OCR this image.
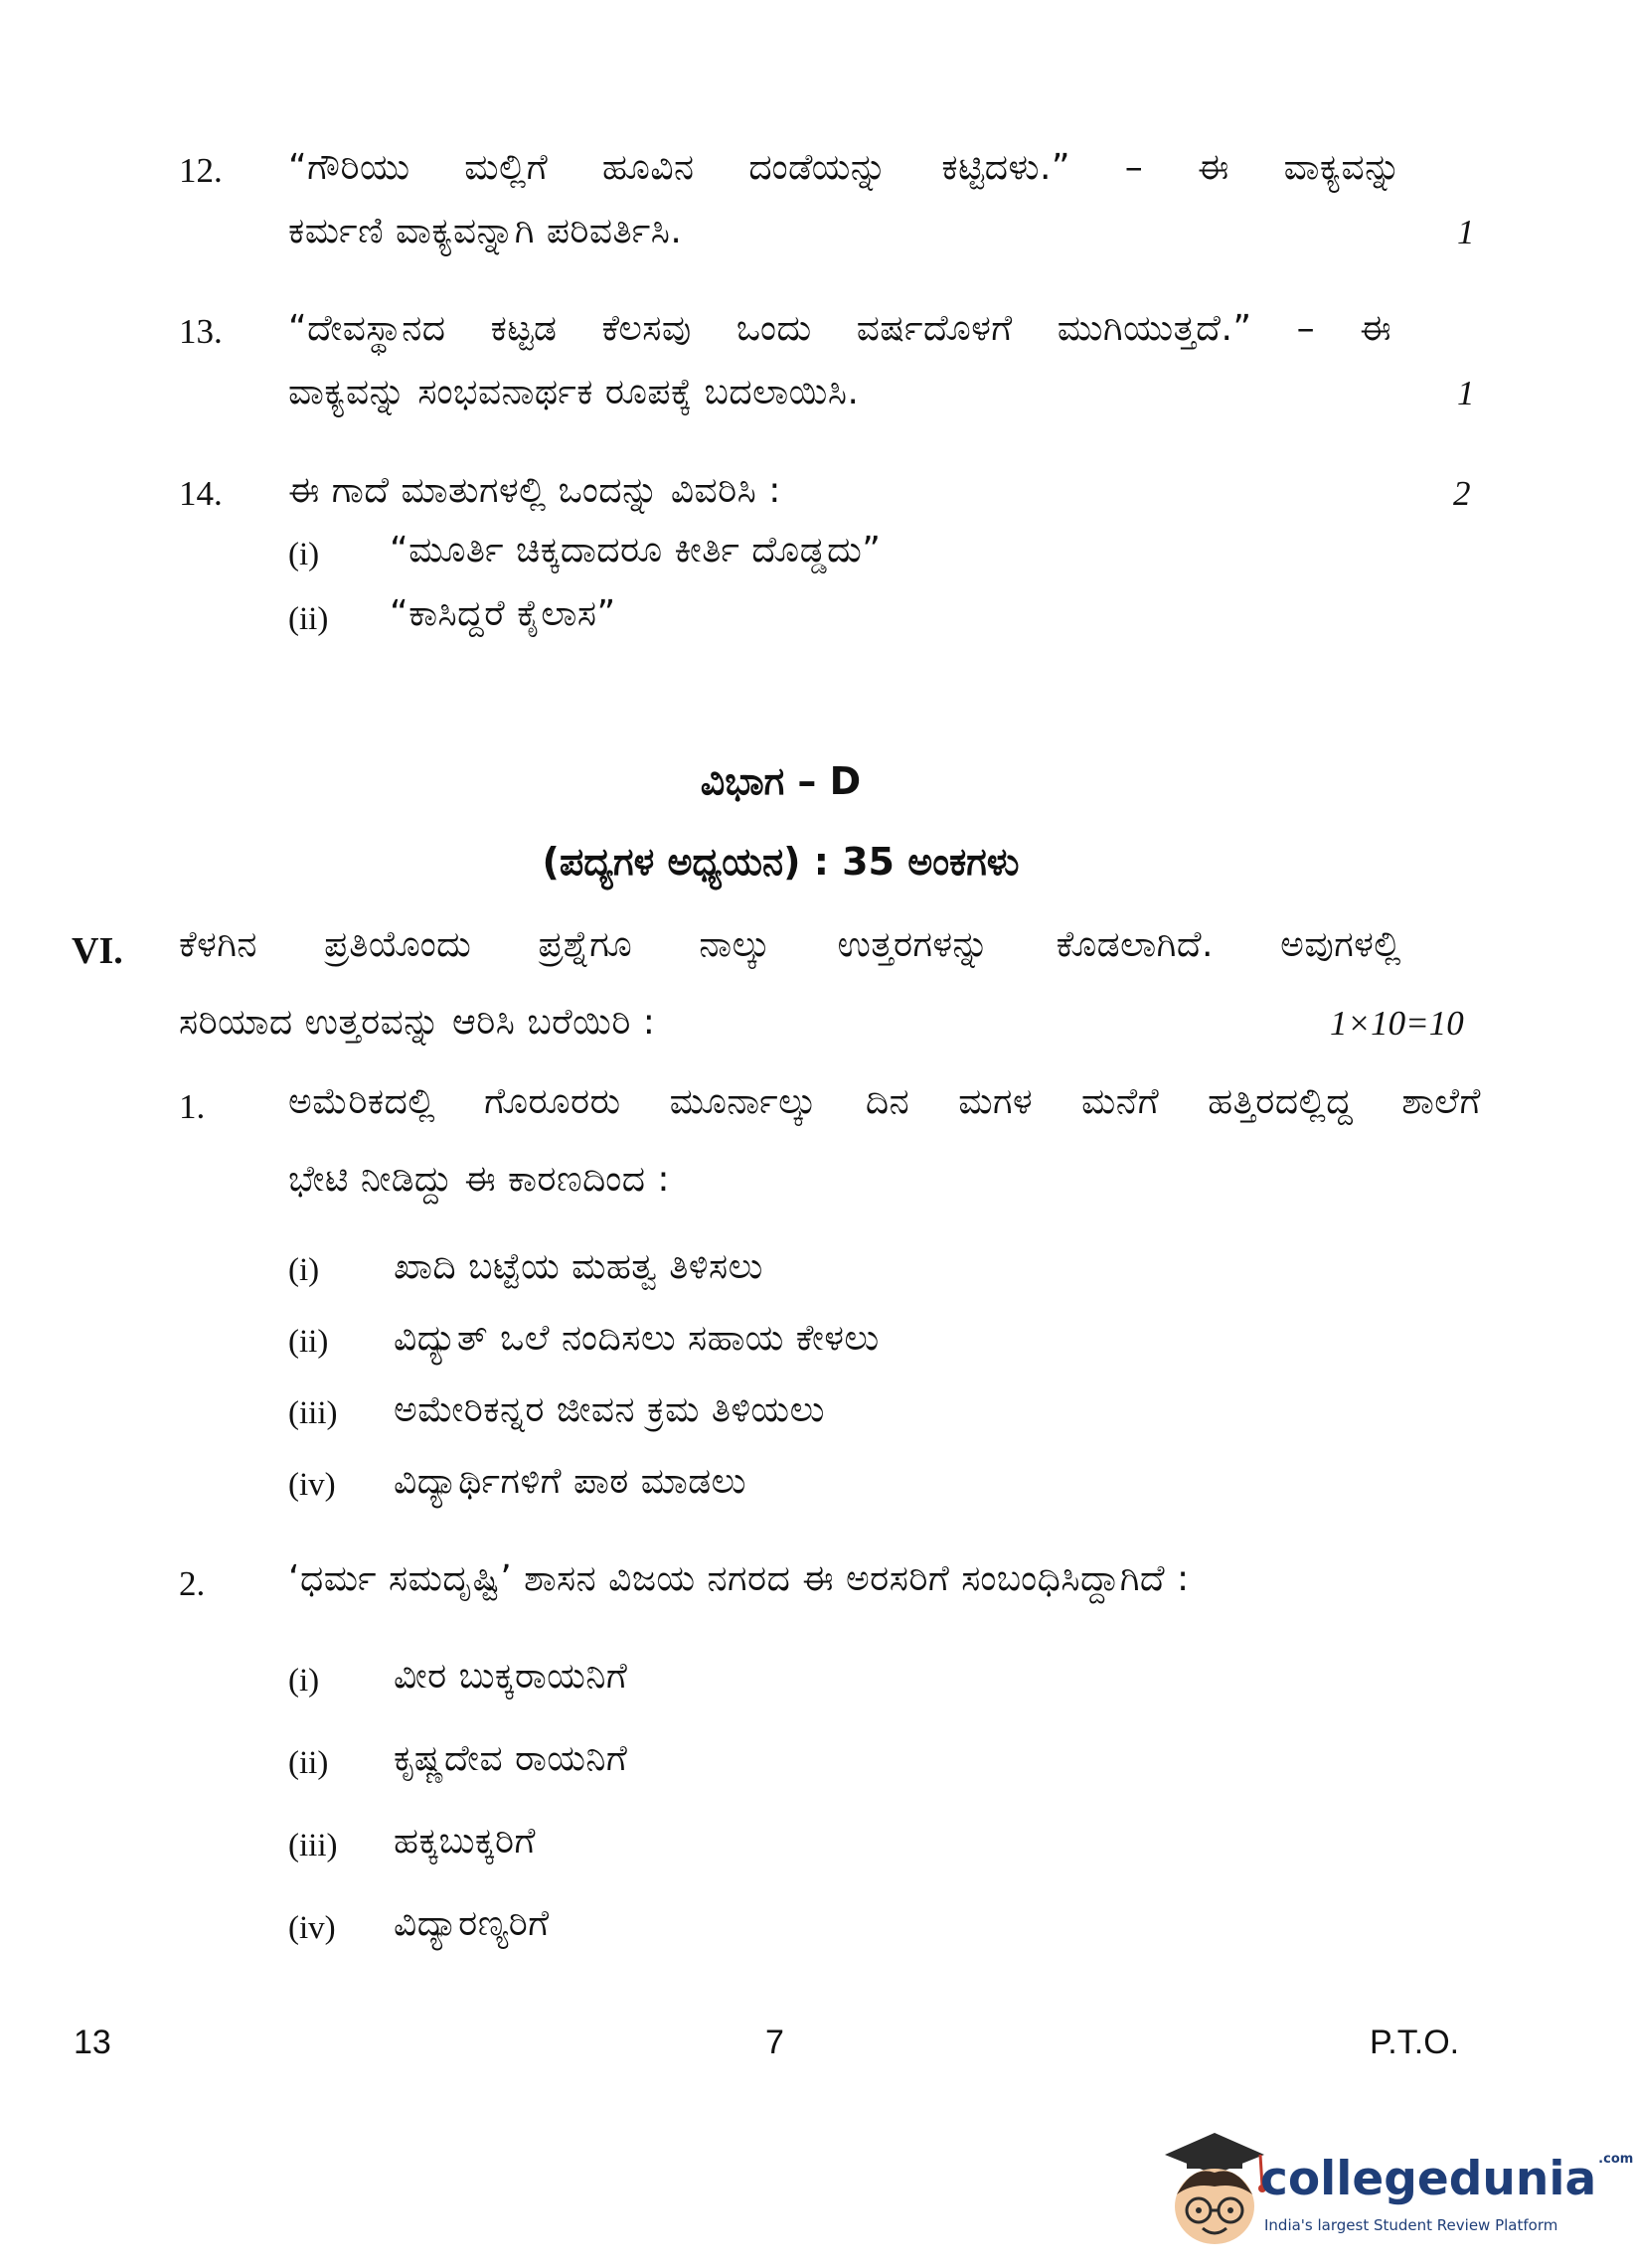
12. “ಗೌರಿಯು ಮಲ್ಲಿಗೆ ಹೂವಿನ ದಂಡೆಯನ್ನು ಕಟ್ಟಿದಳು.” – ಈ ವಾಕ್ಯವನ್ನು
ಕರ್ಮಣಿ ವಾಕ್ಯವನ್ನಾಗಿ ಪರಿವರ್ತಿಸಿ.	1
13. “ದೇವಸ್ಥಾನದ ಕಟ್ಟಡ ಕೆಲಸವು ಒಂದು ವರ್ಷದೊಳಗೆ ಮುಗಿಯುತ್ತದೆ.” – ಈ
ವಾಕ್ಯವನ್ನು ಸಂಭವನಾರ್ಥಕ ರೂಪಕ್ಕೆ ಬದಲಾಯಿಸಿ.	1
14. ಈ ಗಾದೆ ಮಾತುಗಳಲ್ಲಿ ಒಂದನ್ನು ವಿವರಿಸಿ :	2
(i) “ಮೂರ್ತಿ ಚಿಕ್ಕದಾದರೂ ಕೀರ್ತಿ ದೊಡ್ಡದು”
(ii) “ಕಾಸಿದ್ದರೆ ಕೈಲಾಸ”
ವಿಭಾಗ – D
(ಪದ್ಯಗಳ ಅಧ್ಯಯನ) : 35 ಅಂಕಗಳು
VI. ಕೆಳಗಿನ ಪ್ರತಿಯೊಂದು ಪ್ರಶ್ನೆಗೂ ನಾಲ್ಕು ಉತ್ತರಗಳನ್ನು ಕೊಡಲಾಗಿದೆ. ಅವುಗಳಲ್ಲಿ
ಸರಿಯಾದ ಉತ್ತರವನ್ನು ಆರಿಸಿ ಬರೆಯಿರಿ :	1×10=10
1. ಅಮೆರಿಕದಲ್ಲಿ ಗೊರೂರರು ಮೂರ್ನಾಲ್ಕು ದಿನ ಮಗಳ ಮನೆಗೆ ಹತ್ತಿರದಲ್ಲಿದ್ದ ಶಾಲೆಗೆ
ಭೇಟಿ ನೀಡಿದ್ದು ಈ ಕಾರಣದಿಂದ :
(i) ಖಾದಿ ಬಟ್ಟೆಯ ಮಹತ್ವ ತಿಳಿಸಲು
(ii) ವಿದ್ಯುತ್ ಒಲೆ ನಂದಿಸಲು ಸಹಾಯ ಕೇಳಲು
(iii) ಅಮೇರಿಕನ್ನರ ಜೀವನ ಕ್ರಮ ತಿಳಿಯಲು
(iv) ವಿದ್ಯಾರ್ಥಿಗಳಿಗೆ ಪಾಠ ಮಾಡಲು
2. ‘ಧರ್ಮ ಸಮದೃಷ್ಟಿ’ ಶಾಸನ ವಿಜಯ ನಗರದ ಈ ಅರಸರಿಗೆ ಸಂಬಂಧಿಸಿದ್ದಾಗಿದೆ :
(i) ವೀರ ಬುಕ್ಕರಾಯನಿಗೆ
(ii) ಕೃಷ್ಣದೇವ ರಾಯನಿಗೆ
(iii) ಹಕ್ಕಬುಕ್ಕರಿಗೆ
(iv) ವಿದ್ಯಾರಣ್ಯರಿಗೆ
13	7	P.T.O.
collegedunia $^{.com}$
India's largest Student Review Platform
